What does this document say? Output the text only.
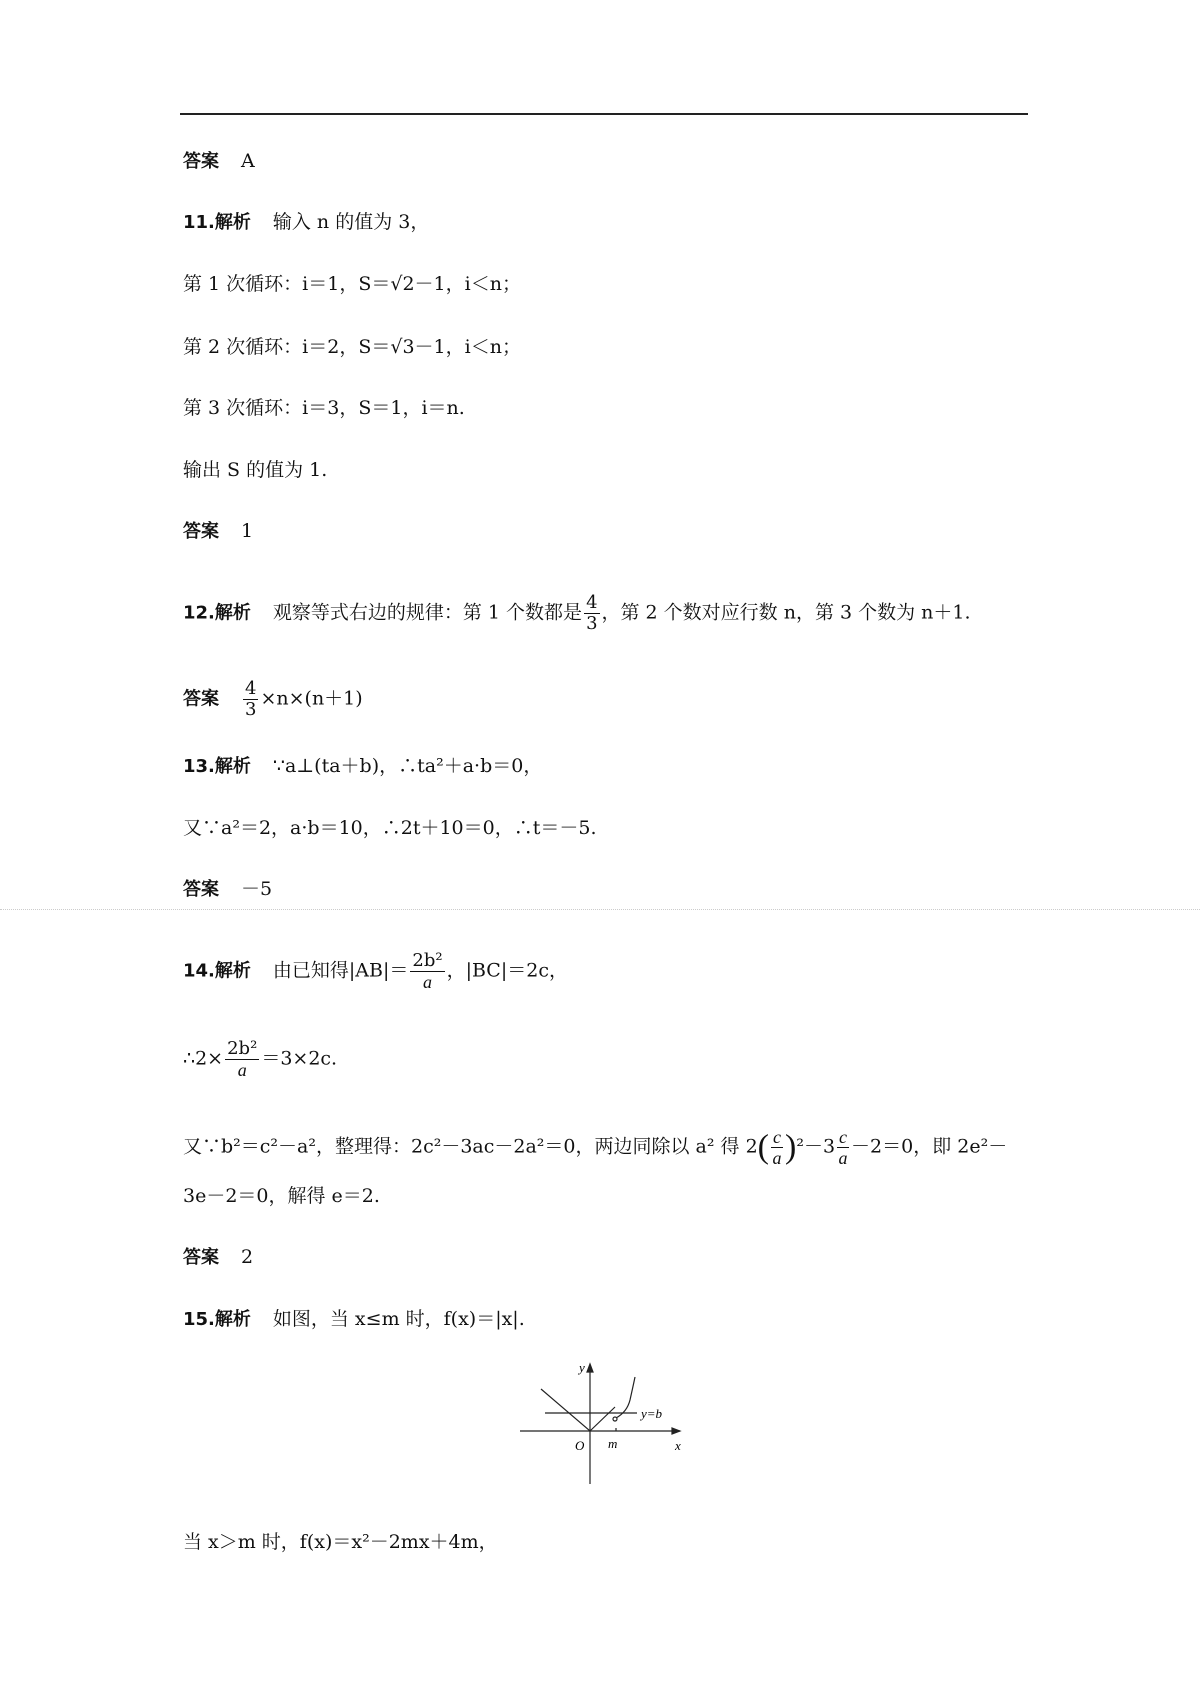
答案 A
11.解析 输入 n 的值为 3，
第 1 次循环：i＝1，S＝√2－1，i＜n；
第 2 次循环：i＝2，S＝√3－1，i＜n；
第 3 次循环：i＝3，S＝1，i＝n.
输出 S 的值为 1.
答案 1
12.解析 观察等式右边的规律：第 1 个数都是 $\frac{4}{3}$ ，第 2 个数对应行数 n，第 3 个数为 n＋1.
答案 $\frac{4}{3} \times n\times(n+1)$
13.解析 ∵a⊥(ta＋b)，∴ta²＋a·b＝0，
又∵a²＝2，a·b＝10，∴2t＋10＝0，∴t＝－5.
答案 －5
14.解析 由已知得$|AB|= \frac{\text{2b²}}{a}$ ，|BC|＝2c，
∴2× $\frac{\text{2b²}}{a} =3\times 2c$.
又∵b²＝c²－a²，整理得：2c²－3ac－2a²＝0，两边同除以 a² 得 $2( \frac{c}{a} )^2-3 \frac{c}{a} -2=0$，即 2e²－
3e－2＝0，解得 e＝2.
答案 2
15.解析 如图，当 x≤m 时，f(x)＝|x|.
y
x
O m
y=b
当 x＞m 时，f(x)＝x²－2mx＋4m，
